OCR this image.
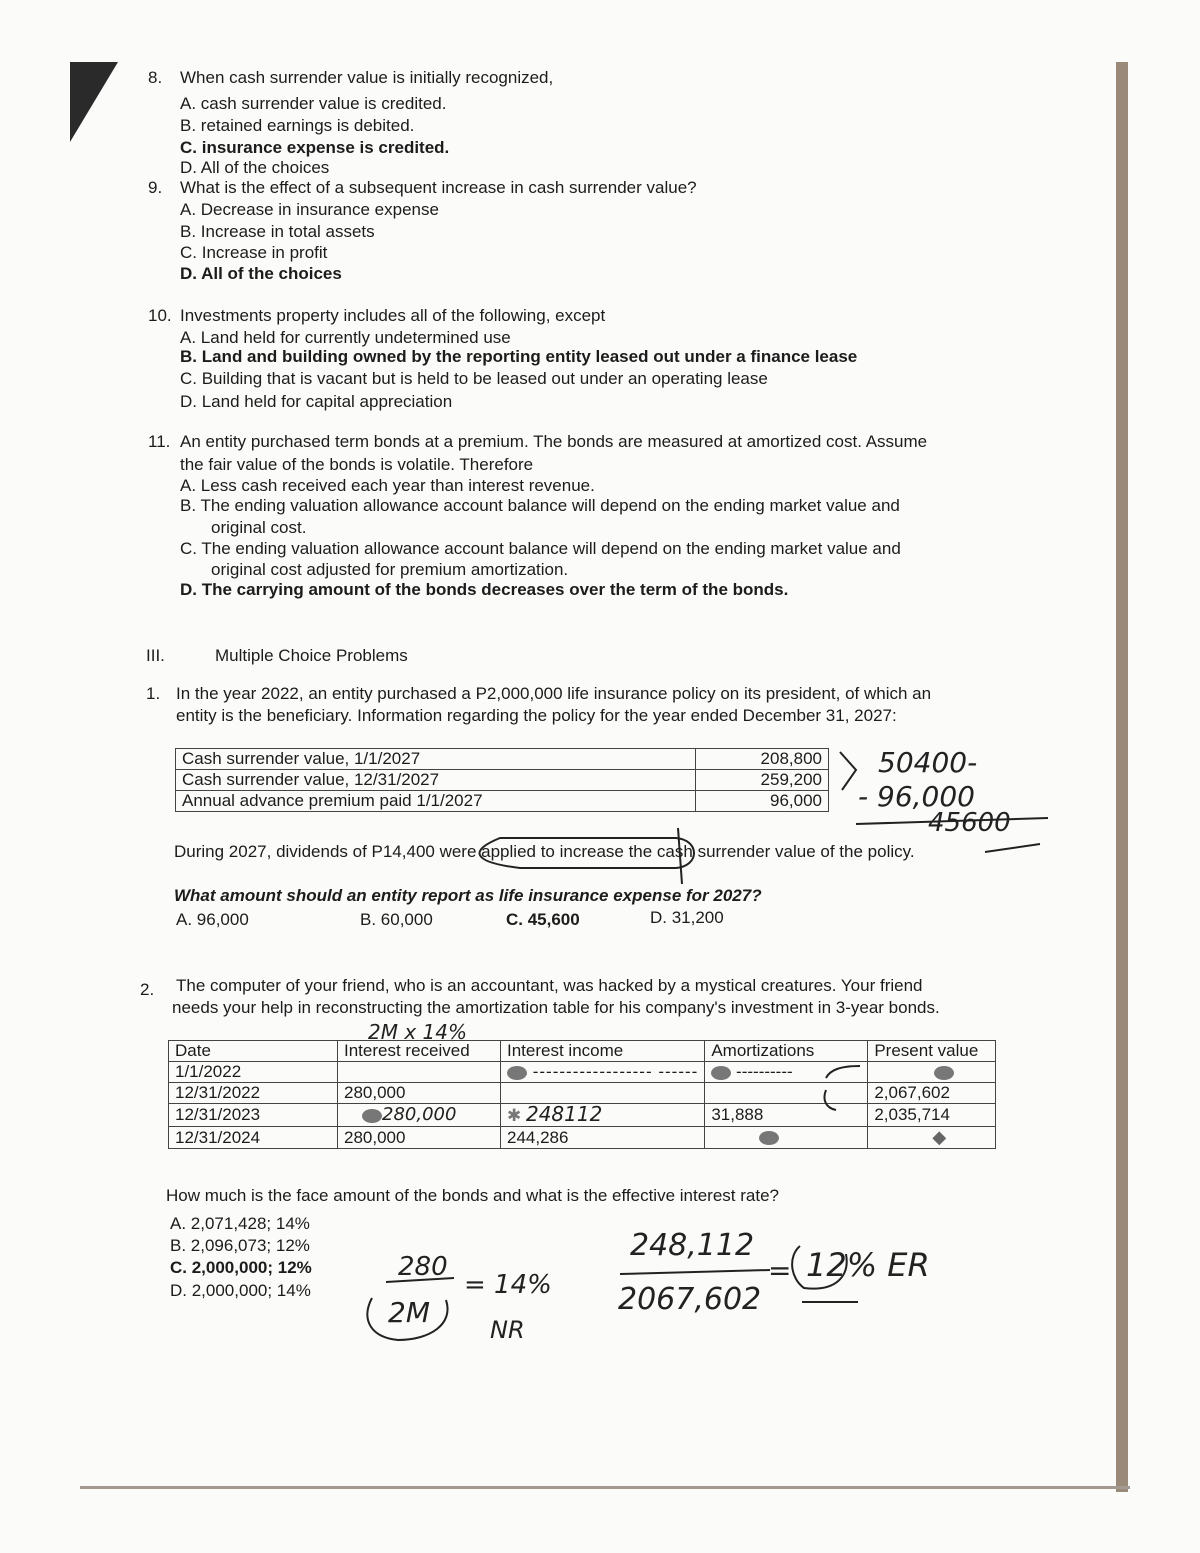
8. When cash surrender value is initially recognized,
A. cash surrender value is credited.
B. retained earnings is debited.
C. insurance expense is credited.
D. All of the choices
9. What is the effect of a subsequent increase in cash surrender value?
A. Decrease in insurance expense
B. Increase in total assets
C. Increase in profit
D. All of the choices
10. Investments property includes all of the following, except
A. Land held for currently undetermined use
B. Land and building owned by the reporting entity leased out under a finance lease
C. Building that is vacant but is held to be leased out under an operating lease
D. Land held for capital appreciation
11. An entity purchased term bonds at a premium. The bonds are measured at amortized cost. Assume
the fair value of the bonds is volatile. Therefore
A. Less cash received each year than interest revenue.
B. The ending valuation allowance account balance will depend on the ending market value and
original cost.
C. The ending valuation allowance account balance will depend on the ending market value and
original cost adjusted for premium amortization.
D. The carrying amount of the bonds decreases over the term of the bonds.
III.	Multiple Choice Problems
1. In the year 2022, an entity purchased a P2,000,000 life insurance policy on its president, of which an
entity is the beneficiary. Information regarding the policy for the year ended December 31, 2027:
Cash surrender value, 1/1/2027	208,800
Cash surrender value, 12/31/2027	259,200
Annual advance premium paid 1/1/2027	96,000
During 2027, dividends of P14,400 were applied to increase the cash surrender value of the policy.
What amount should an entity report as life insurance expense for 2027?
A. 96,000	B. 60,000	C. 45,600	D. 31,200
50400-
- 96,000
45600
2. The computer of your friend, who is an accountant, was hacked by a mystical creatures. Your friend
needs your help in reconstructing the amortization table for his company's investment in 3-year bonds.
2M x 14%
Date	Interest received	Interest income	Amortizations	Present value
1/1/2022		------------------ ------	----------	
12/31/2022	280,000			2,067,602
12/31/2023	280,000	✱ 248112	31,888	2,035,714
12/31/2024	280,000	244,286		◆
How much is the face amount of the bonds and what is the effective interest rate?
A. 2,071,428; 14%
B. 2,096,073; 12%
C. 2,000,000; 12%
D. 2,000,000; 14%
280
2M
= 14%
NR
248,112
2067,602
= 12% ER
